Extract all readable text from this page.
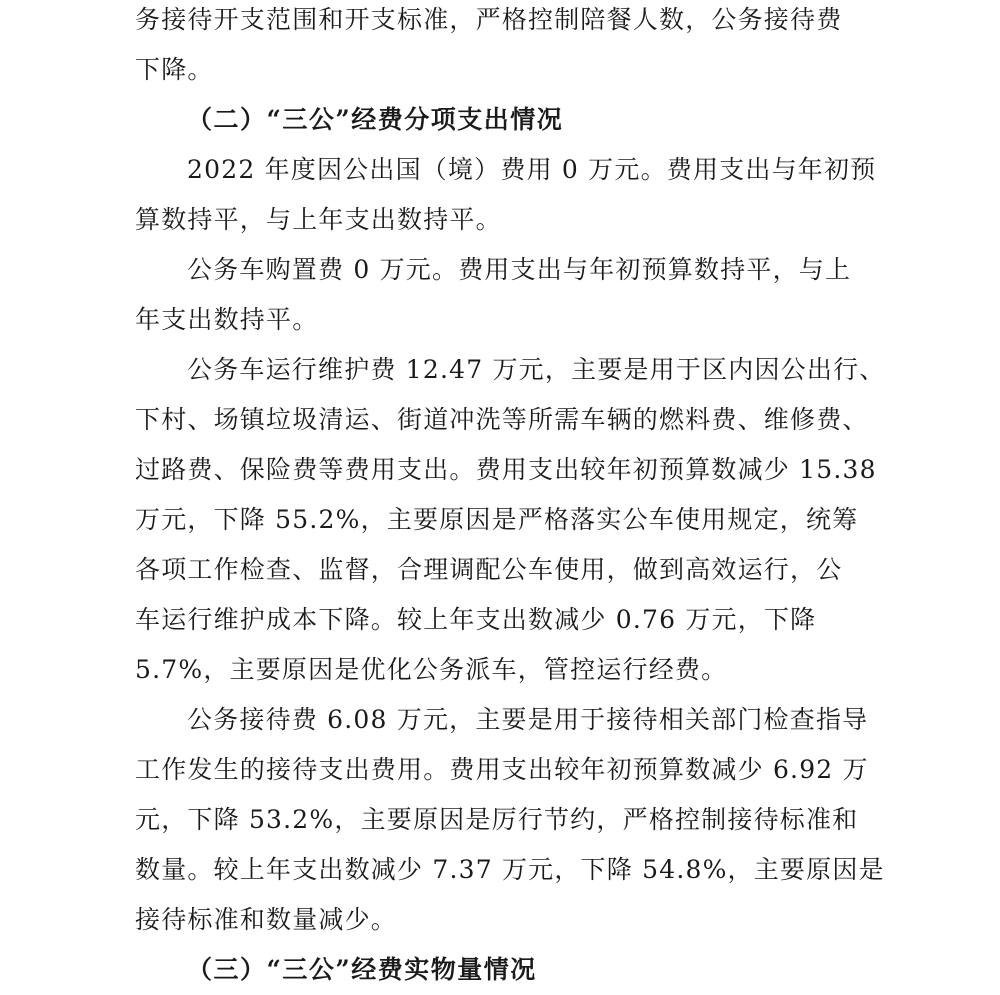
务接待开支范围和开支标准，严格控制陪餐人数，公务接待费
下降。
（二）“三公”经费分项支出情况
2022 年度因公出国（境）费用 0 万元。费用支出与年初预
算数持平，与上年支出数持平。
公务车购置费 0 万元。费用支出与年初预算数持平，与上
年支出数持平。
公务车运行维护费 12.47 万元，主要是用于区内因公出行、
下村、场镇垃圾清运、街道冲洗等所需车辆的燃料费、维修费、
过路费、保险费等费用支出。费用支出较年初预算数减少 15.38
万元，下降 55.2%，主要原因是严格落实公车使用规定，统筹
各项工作检查、监督，合理调配公车使用，做到高效运行，公
车运行维护成本下降。较上年支出数减少 0.76 万元，下降
5.7%，主要原因是优化公务派车，管控运行经费。
公务接待费 6.08 万元，主要是用于接待相关部门检查指导
工作发生的接待支出费用。费用支出较年初预算数减少 6.92 万
元，下降 53.2%，主要原因是厉行节约，严格控制接待标准和
数量。较上年支出数减少 7.37 万元，下降 54.8%，主要原因是
接待标准和数量减少。
（三）“三公”经费实物量情况
